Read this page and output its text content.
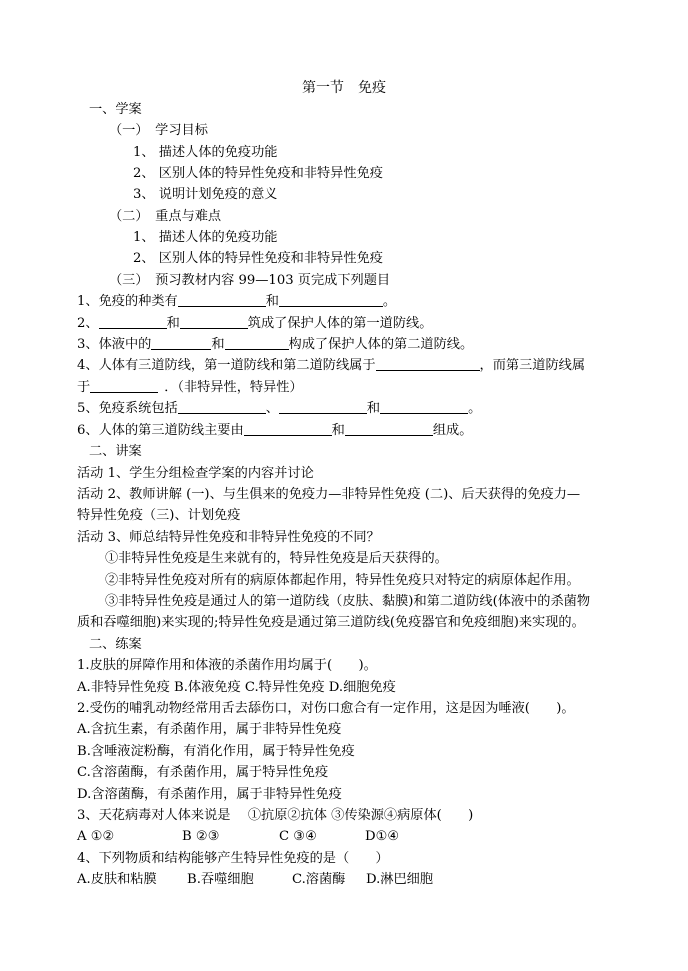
第一节　免疫
一、学案
（一）　学习目标
1、 描述人体的免疫功能
2、 区别人体的特异性免疫和非特异性免疫
3、 说明计划免疫的意义
（二）　重点与难点
1、 描述人体的免疫功能
2、 区别人体的特异性免疫和非特异性免疫
（三）　预习教材内容 99—103 页完成下列题目
1、免疫的种类有	和	。
2、	和	筑成了保护人体的第一道防线。
3、体液中的	和	构成了保护人体的第二道防线。
4、人体有三道防线，第一道防线和第二道防线属于	，而第三道防线属
于	．（非特异性，特异性）
5、免疫系统包括	、	和	。
6、人体的第三道防线主要由	和	组成。
二、讲案
活动 1、学生分组检查学案的内容并讨论
活动 2、教师讲解 (一)、与生俱来的免疫力—非特异性免疫 (二)、后天获得的免疫力—
特异性免疫（三)、计划免疫
活动 3、师总结特异性免疫和非特异性免疫的不同？
①非特异性免疫是生来就有的，特异性免疫是后天获得的。
②非特异性免疫对所有的病原体都起作用，特异性免疫只对特定的病原体起作用。
③非特异性免疫是通过人的第一道防线（皮肤、黏膜)和第二道防线(体液中的杀菌物
质和吞噬细胞)来实现的;特异性免疫是通过第三道防线(免疫器官和免疫细胞)来实现的。
二、练案
1.皮肤的屏障作用和体液的杀菌作用均属于(　　)。
A.非特异性免疫 B.体液免疫 C.特异性免疫 D.细胞免疫
2.受伤的哺乳动物经常用舌去舔伤口，对伤口愈合有一定作用，这是因为唾液(　　)。
A.含抗生素，有杀菌作用，属于非特异性免疫
B.含唾液淀粉酶，有消化作用，属于特异性免疫
C.含溶菌酶，有杀菌作用，属于特异性免疫
D.含溶菌酶，有杀菌作用，属于非特异性免疫
3、天花病毒对人体来说是　 ①抗原②抗体 ③传染源④病原体(　　)
A ①②	B ②③	C ③④	D①④
4、下列物质和结构能够产生特异性免疫的是（　　）
A.皮肤和粘膜 B.吞噬细胞	C.溶菌酶 D.淋巴细胞
